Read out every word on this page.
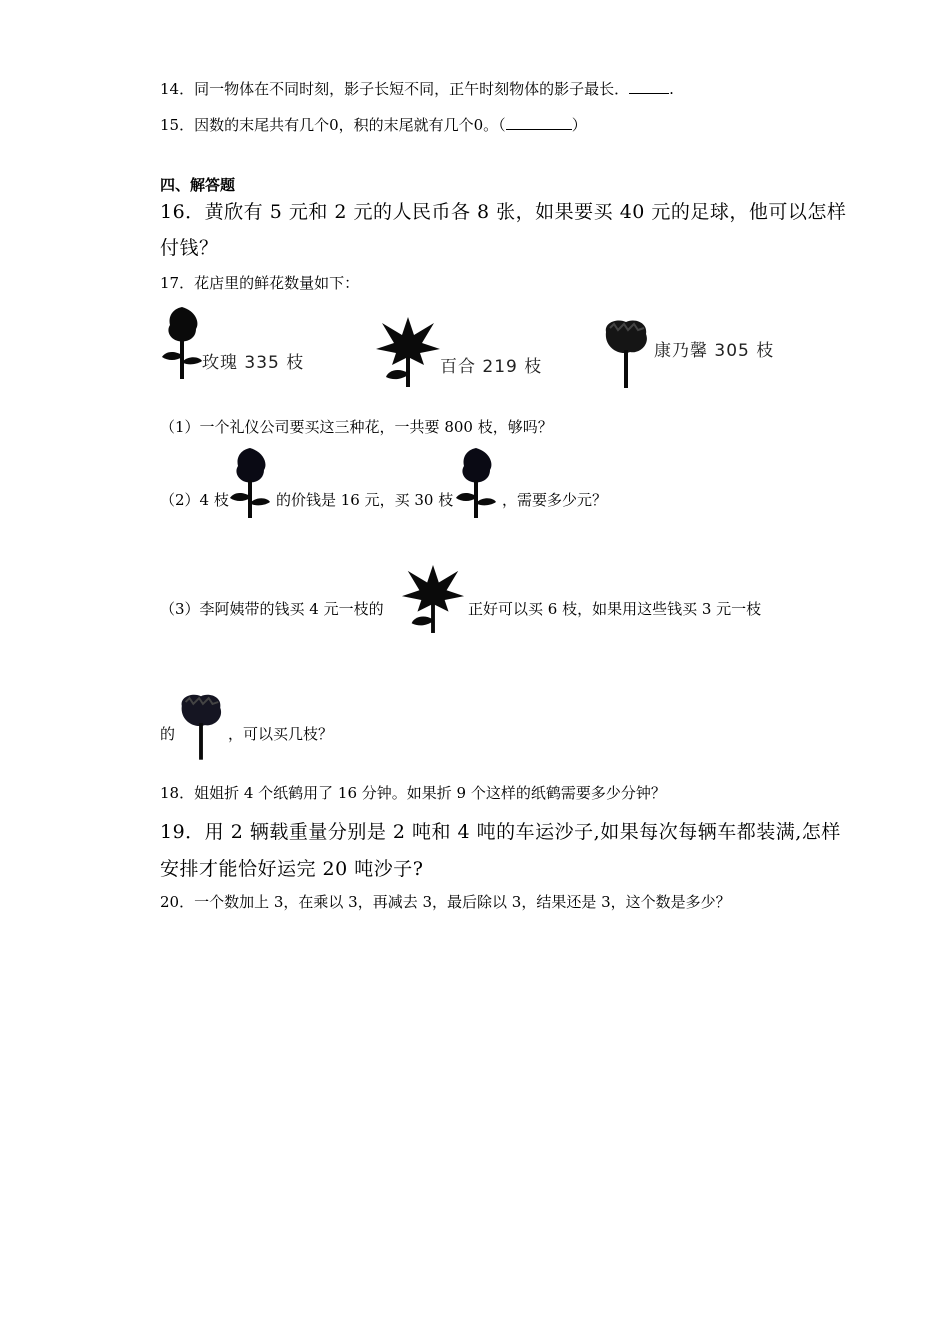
14．同一物体在不同时刻，影子长短不同，正午时刻物体的影子最长．	.
15．因数的末尾共有几个0，积的末尾就有几个0。（	）
四、解答题
16．黄欣有 5 元和 2 元的人民币各 8 张，如果要买 40 元的足球，他可以怎样
付钱？
17．花店里的鲜花数量如下：
玫瑰 335 枝	百合 219 枝
康乃馨 305 枝
（1）一个礼仪公司要买这三种花，一共要 800 枝，够吗？
（2）4 枝	的价钱是 16 元，买 30 枝	，需要多少元？
（3）李阿姨带的钱买 4 元一枝的	正好可以买 6 枝，如果用这些钱买 3 元一枝
的	，可以买几枝？
18．姐姐折 4 个纸鹤用了 16 分钟。如果折 9 个这样的纸鹤需要多少分钟？
19．用 2 辆载重量分别是 2 吨和 4 吨的车运沙子,如果每次每辆车都装满,怎样
安排才能恰好运完 20 吨沙子?
20．一个数加上 3，在乘以 3，再减去 3，最后除以 3，结果还是 3，这个数是多少？
